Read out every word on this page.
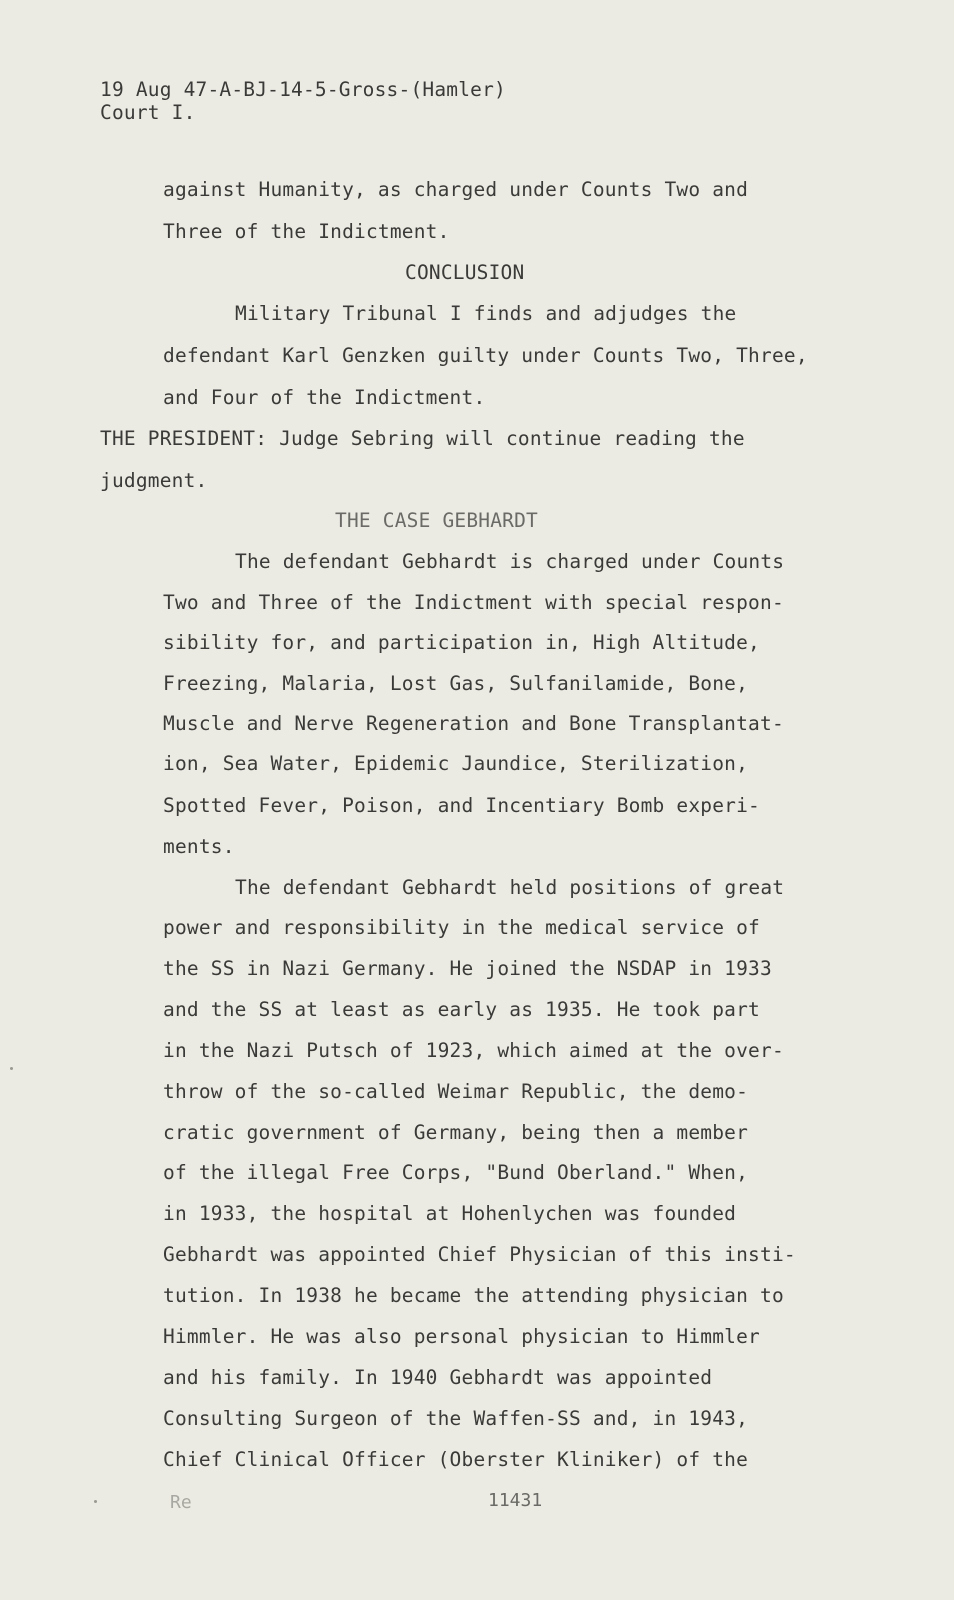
19 Aug 47-A-BJ-14-5-Gross-(Hamler)
Court I.
against Humanity, as charged under Counts Two and
Three of the Indictment.
CONCLUSION
Military Tribunal I finds and adjudges the
defendant Karl Genzken guilty under Counts Two, Three,
and Four of the Indictment.
THE PRESIDENT: Judge Sebring will continue reading the
judgment.
THE CASE GEBHARDT
The defendant Gebhardt is charged under Counts
Two and Three of the Indictment with special respon-
sibility for, and participation in, High Altitude,
Freezing, Malaria, Lost Gas, Sulfanilamide, Bone,
Muscle and Nerve Regeneration and Bone Transplantat-
ion, Sea Water, Epidemic Jaundice, Sterilization,
Spotted Fever, Poison, and Incentiary Bomb experi-
ments.
The defendant Gebhardt held positions of great
power and responsibility in the medical service of
the SS in Nazi Germany. He joined the NSDAP in 1933
and the SS at least as early as 1935. He took part
in the Nazi Putsch of 1923, which aimed at the over-
throw of the so-called Weimar Republic, the demo-
cratic government of Germany, being then a member
of the illegal Free Corps, "Bund Oberland." When,
in 1933, the hospital at Hohenlychen was founded
Gebhardt was appointed Chief Physician of this insti-
tution. In 1938 he became the attending physician to
Himmler. He was also personal physician to Himmler
and his family. In 1940 Gebhardt was appointed
Consulting Surgeon of the Waffen-SS and, in 1943,
Chief Clinical Officer (Oberster Kliniker) of the
Re	11431
